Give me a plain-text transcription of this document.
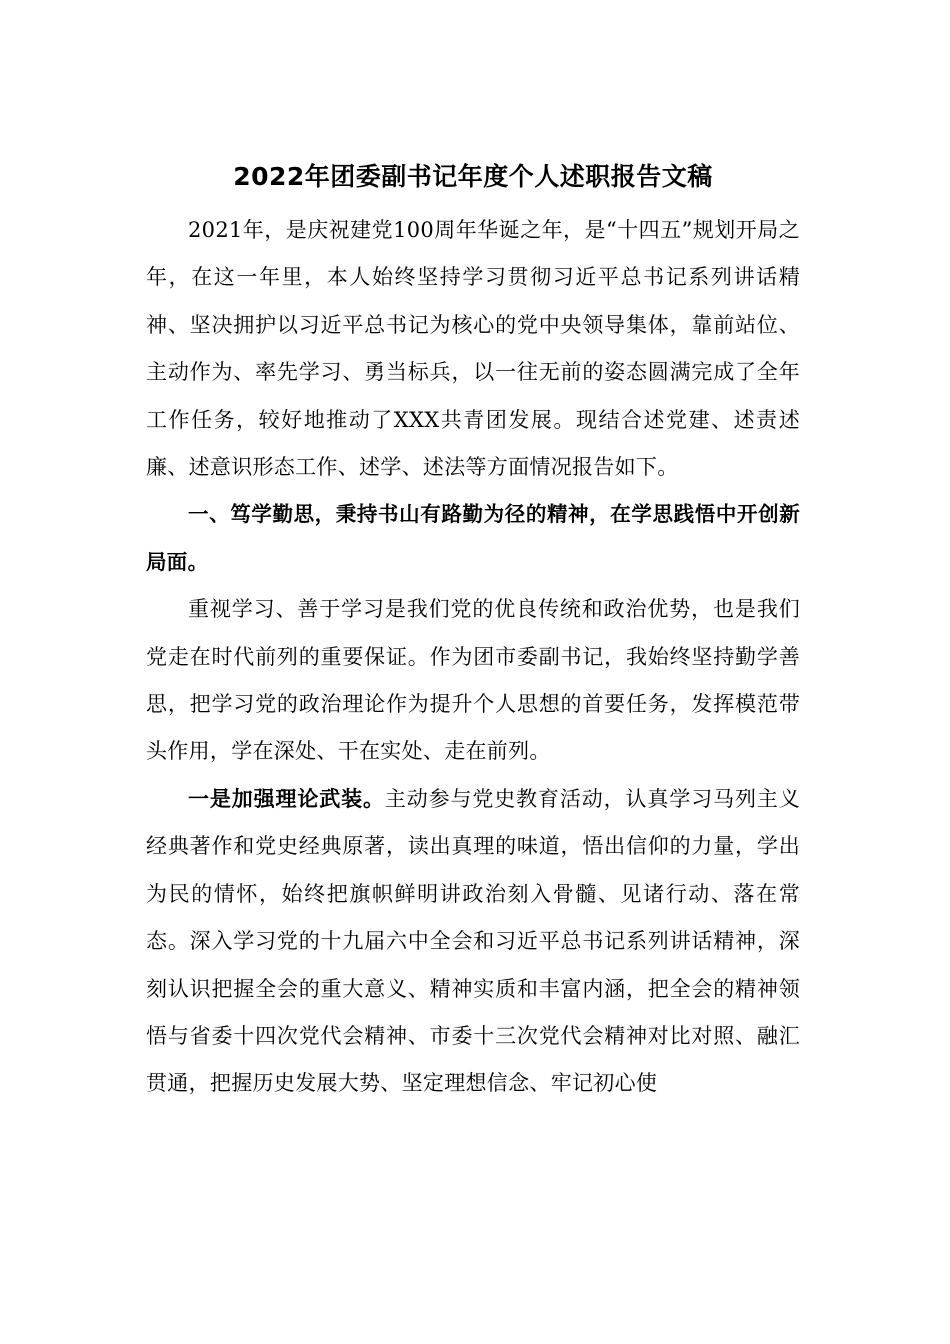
2022年团委副书记年度个人述职报告文稿

2021年，是庆祝建党100周年华诞之年，是“十四五”规划开局之年，在这一年里，本人始终坚持学习贯彻习近平总书记系列讲话精神、坚决拥护以习近平总书记为核心的党中央领导集体，靠前站位、主动作为、率先学习、勇当标兵，以一往无前的姿态圆满完成了全年工作任务，较好地推动了XXX共青团发展。现结合述党建、述责述廉、述意识形态工作、述学、述法等方面情况报告如下。

一、笃学勤思，秉持书山有路勤为径的精神，在学思践悟中开创新局面。

重视学习、善于学习是我们党的优良传统和政治优势，也是我们党走在时代前列的重要保证。作为团市委副书记，我始终坚持勤学善思，把学习党的政治理论作为提升个人思想的首要任务，发挥模范带头作用，学在深处、干在实处、走在前列。

一是加强理论武装。主动参与党史教育活动，认真学习马列主义经典著作和党史经典原著，读出真理的味道，悟出信仰的力量，学出为民的情怀，始终把旗帜鲜明讲政治刻入骨髓、见诸行动、落在常态。深入学习党的十九届六中全会和习近平总书记系列讲话精神，深刻认识把握全会的重大意义、精神实质和丰富内涵，把全会的精神领悟与省委十四次党代会精神、市委十三次党代会精神对比对照、融汇贯通，把握历史发展大势、坚定理想信念、牢记初心使
